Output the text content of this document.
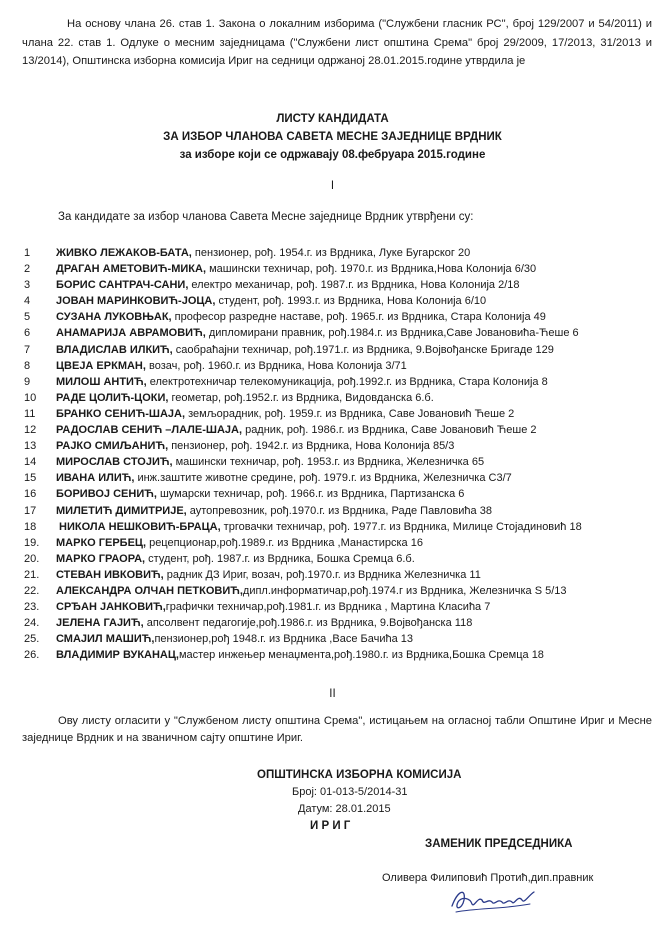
На основу члана 26. став 1. Закона о локалним изборима ("Службени гласник РС", број 129/2007 и 54/2011) и члана 22. став 1. Одлуке о месним заједницама ("Службени лист општина Срема" број 29/2009, 17/2013, 31/2013 и 13/2014), Општинска изборна комисија Ириг на седници одржаној 28.01.2015.године утврдила је
ЛИСТУ КАНДИДАТА
ЗА ИЗБОР ЧЛАНОВА САВЕТА МЕСНЕ ЗАЈЕДНИЦЕ ВРДНИК
за изборе који се одржавају 08.фебруара 2015.године
I
За кандидате за избор чланова Савета Месне заједнице Врдник утврђени су:
1 ЖИВКО ЛЕЖАКОВ-БАТА, пензионер, рођ. 1954.г. из Врдника, Луке Бугарског 20
2 ДРАГАН АМЕТОВИЋ-МИКА, машински техничар, рођ. 1970.г. из Врдника,Нова Колонија 6/30
3 БОРИС САНТРАЧ-САНИ, електро механичар, рођ. 1987.г. из Врдника, Нова Колонија 2/18
4 ЈОВАН МАРИНКОВИЋ-ЈОЦА, студент, рођ. 1993.г. из Врдника, Нова Колонија 6/10
5 СУЗАНА ЛУКОВЊАК, професор разредне наставе, рођ. 1965.г. из Врдника, Стара Колонија 49
6 АНАМАРИЈА АВРАМОВИЋ, дипломирани правник, рођ.1984.г. из Врдника,Саве Јовановића-Ћеше 6
7 ВЛАДИСЛАВ ИЛКИЋ, саобраћајни техничар, рођ.1971.г. из Врдника, 9.Војвођанске Бригаде 129
8 ЦВЕЈА ЕРКМАН, возач, рођ. 1960.г. из Врдника, Нова Колонија 3/71
9 МИЛОШ АНТИЋ, електротехничар телекомуникација, рођ.1992.г. из Врдника, Стара Колонија 8
10 РАДЕ ЦОЛИЋ-ЦОКИ, геометар, рођ.1952.г. из Врдника, Видовданска 6.б.
11 БРАНКО СЕНИЋ-ШАЈА, земљорадник, рођ. 1959.г. из Врдника, Саве Јовановић Ћеше 2
12 РАДОСЛАВ СЕНИЋ –ЛАЛЕ-ШАЈА, радник, рођ. 1986.г. из Врдника, Саве Јовановић Ћеше 2
13 РАЈКО СМИЉАНИЋ, пензионер, рођ. 1942.г. из Врдника, Нова Колонија 85/3
14 МИРОСЛАВ СТОЈИЋ, машински техничар, рођ. 1953.г. из Врдника, Железничка 65
15 ИВАНА ИЛИЋ, инж.заштите животне средине, рођ. 1979.г. из Врдника, Железничка С3/7
16 БОРИВОЈ СЕНИЋ, шумарски техничар, рођ. 1966.г. из Врдника, Партизанска 6
17 МИЛЕТИЋ ДИМИТРИЈЕ, аутопревозник, рођ.1970.г. из Врдника, Раде Павловића 38
18 НИКОЛА НЕШКОВИЋ-БРАЦА, трговачки техничар, рођ. 1977.г. из Врдника, Милице Стојадиновић 18
19. МАРКО ГЕРБЕЦ, рецепционар,рођ.1989.г. из Врдника ,Манастирска 16
20. МАРКО ГРАОРА, студент, рођ. 1987.г. из Врдника, Бошка Сремца 6.б.
21. СТЕВАН ИВКОВИЋ, радник ДЗ Ириг, возач, рођ.1970.г. из Врдника Железничка 11
22. АЛЕКСАНДРА ОЛЧАН ПЕТКОВИЋ,дипл.информатичар,рођ.1974.г из Врдника, Железничка S 5/13
23. СРЂАН ЈАНКОВИЋ,графички техничар,рођ.1981.г. из Врдника , Мартина Класића 7
24. ЈЕЛЕНА ГАЈИЋ, апсолвент педагогије,рођ.1986.г. из Врдника, 9.Војвођанска 118
25. СМАЈИЛ МАШИЋ,пензионер,рођ 1948.г. из Врдника ,Васе Бачића 13
26. ВЛАДИМИР ВУКАНАЦ,мастер инжењер менаџмента,рођ.1980.г. из Врдника,Бошка Сремца 18
II
Ову листу огласити у "Службеном листу општина Срема", истицањем на огласној табли Општине Ириг и Месне заједнице Врдник и на званичном сајту општине Ириг.
ОПШТИНСКА ИЗБОРНА КОМИСИЈА
Број: 01-013-5/2014-31
Датум: 28.01.2015
И Р И Г
ЗАМЕНИК ПРЕДСЕДНИКА
Оливера Филиповић Протић,дип.правник
